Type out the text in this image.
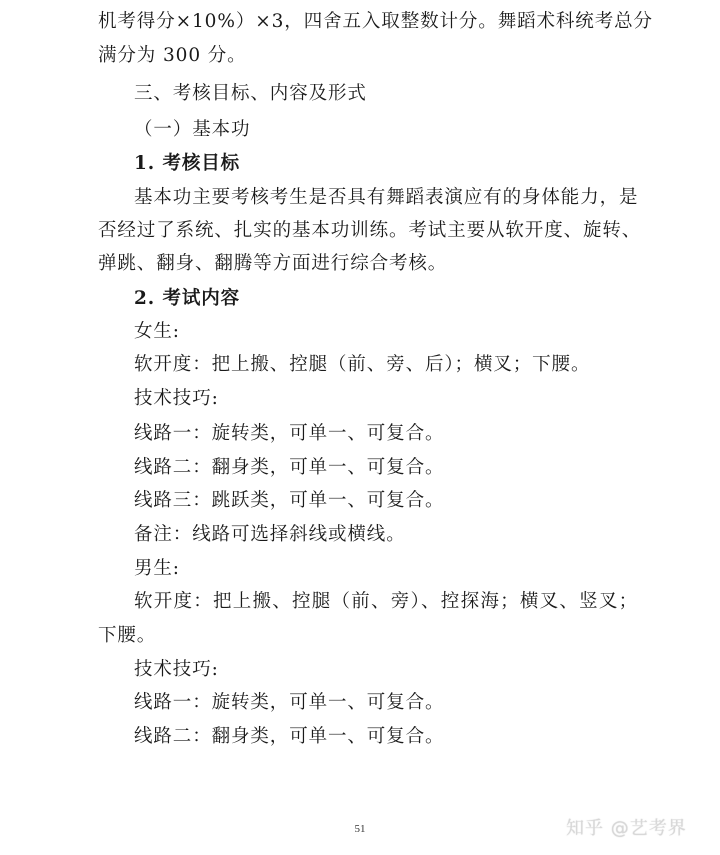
机考得分×10%）×3，四舍五入取整数计分。舞蹈术科统考总分
满分为 300 分。
三、考核目标、内容及形式
（一）基本功
1. 考核目标
基本功主要考核考生是否具有舞蹈表演应有的身体能力，是
否经过了系统、扎实的基本功训练。考试主要从软开度、旋转、
弹跳、翻身、翻腾等方面进行综合考核。
2. 考试内容
女生:
软开度：把上搬、控腿（前、旁、后）；横叉；下腰。
技术技巧:
线路一：旋转类，可单一、可复合。
线路二：翻身类，可单一、可复合。
线路三：跳跃类，可单一、可复合。
备注：线路可选择斜线或横线。
男生:
软开度：把上搬、控腿（前、旁）、控探海；横叉、竖叉；
下腰。
技术技巧:
线路一：旋转类，可单一、可复合。
线路二：翻身类，可单一、可复合。
51	知乎 @艺考界
